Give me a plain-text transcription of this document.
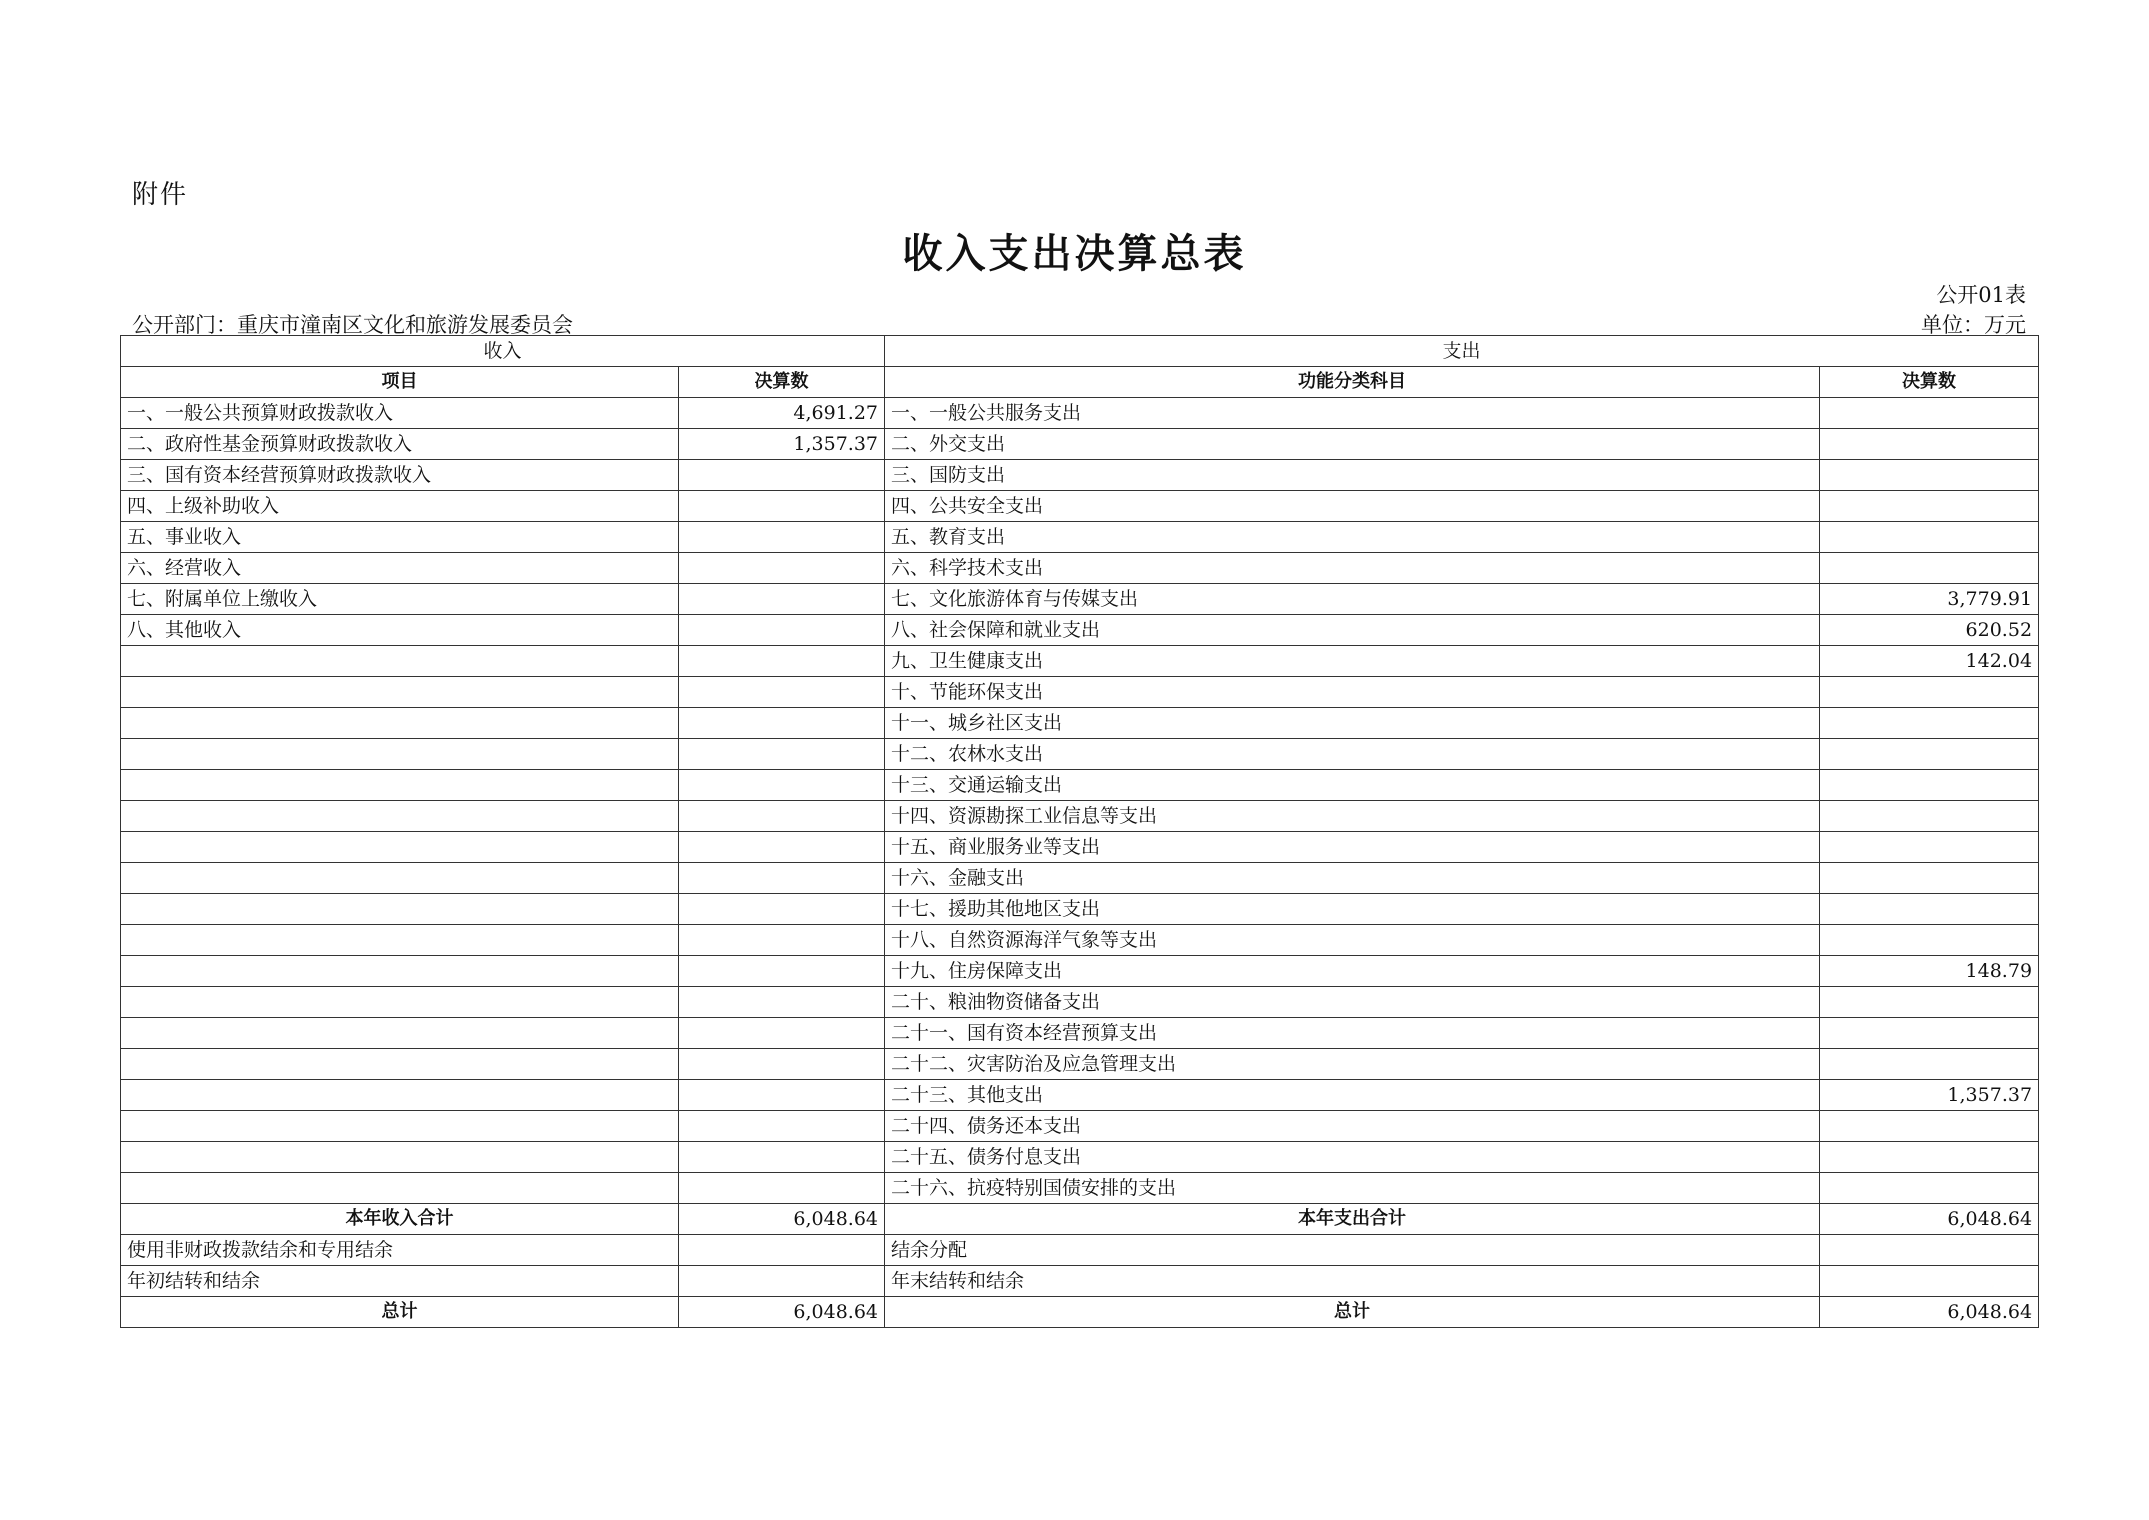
附件
收入支出决算总表
公开01表
公开部门：重庆市潼南区文化和旅游发展委员会	单位：万元
收入		支出	
项目	决算数	功能分类科目	决算数
一、一般公共预算财政拨款收入	4,691.27	一、一般公共服务支出	
二、政府性基金预算财政拨款收入	1,357.37	二、外交支出	
三、国有资本经营预算财政拨款收入		三、国防支出	
四、上级补助收入		四、公共安全支出	
五、事业收入		五、教育支出	
六、经营收入		六、科学技术支出	
七、附属单位上缴收入		七、文化旅游体育与传媒支出	3,779.91
八、其他收入		八、社会保障和就业支出	620.52
		九、卫生健康支出	142.04
		十、节能环保支出	
		十一、城乡社区支出	
		十二、农林水支出	
		十三、交通运输支出	
		十四、资源勘探工业信息等支出	
		十五、商业服务业等支出	
		十六、金融支出	
		十七、援助其他地区支出	
		十八、自然资源海洋气象等支出	
		十九、住房保障支出	148.79
		二十、粮油物资储备支出	
		二十一、国有资本经营预算支出	
		二十二、灾害防治及应急管理支出	
		二十三、其他支出	1,357.37
		二十四、债务还本支出	
		二十五、债务付息支出	
		二十六、抗疫特别国债安排的支出	
本年收入合计	6,048.64	本年支出合计	6,048.64
使用非财政拨款结余和专用结余		结余分配	
年初结转和结余		年末结转和结余	
总计	6,048.64	总计	6,048.64
